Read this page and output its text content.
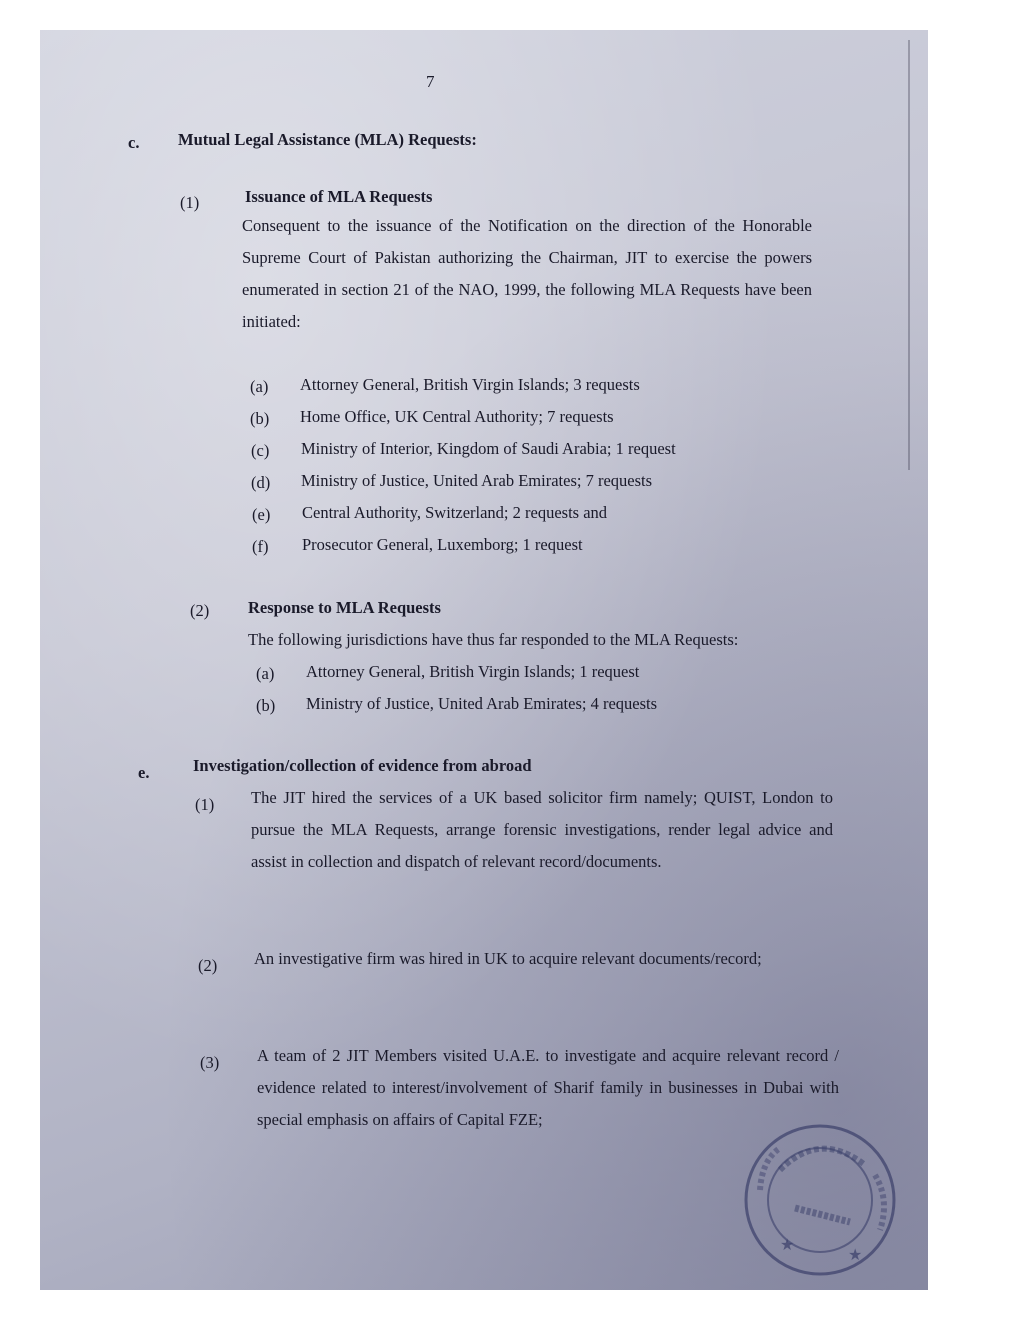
7
c. Mutual Legal Assistance (MLA) Requests:
(1)	Issuance of MLA Requests
Consequent to the issuance of the Notification on the direction of the Honorable Supreme Court of Pakistan authorizing the Chairman, JIT to exercise the powers enumerated in section 21 of the NAO, 1999, the following MLA Requests have been initiated:
(a) Attorney General, British Virgin Islands; 3 requests
(b) Home Office, UK Central Authority; 7 requests
(c) Ministry of Interior, Kingdom of Saudi Arabia; 1 request
(d) Ministry of Justice, United Arab Emirates; 7 requests
(e) Central Authority, Switzerland; 2 requests and
(f) Prosecutor General, Luxemborg; 1 request
(2) Response to MLA Requests
The following jurisdictions have thus far responded to the MLA Requests:
(a) Attorney General, British Virgin Islands; 1 request
(b) Ministry of Justice, United Arab Emirates; 4 requests
e.	Investigation/collection of evidence from abroad
(1) The JIT hired the services of a UK based solicitor firm namely; QUIST, London to pursue the MLA Requests, arrange forensic investigations, render legal advice and assist in collection and dispatch of relevant record/documents.
(2) An investigative firm was hired in UK to acquire relevant documents/record;
(3) A team of 2 JIT Members visited U.A.E. to investigate and acquire relevant record / evidence related to interest/involvement of Sharif family in businesses in Dubai with special emphasis on affairs of Capital FZE;
★
★
